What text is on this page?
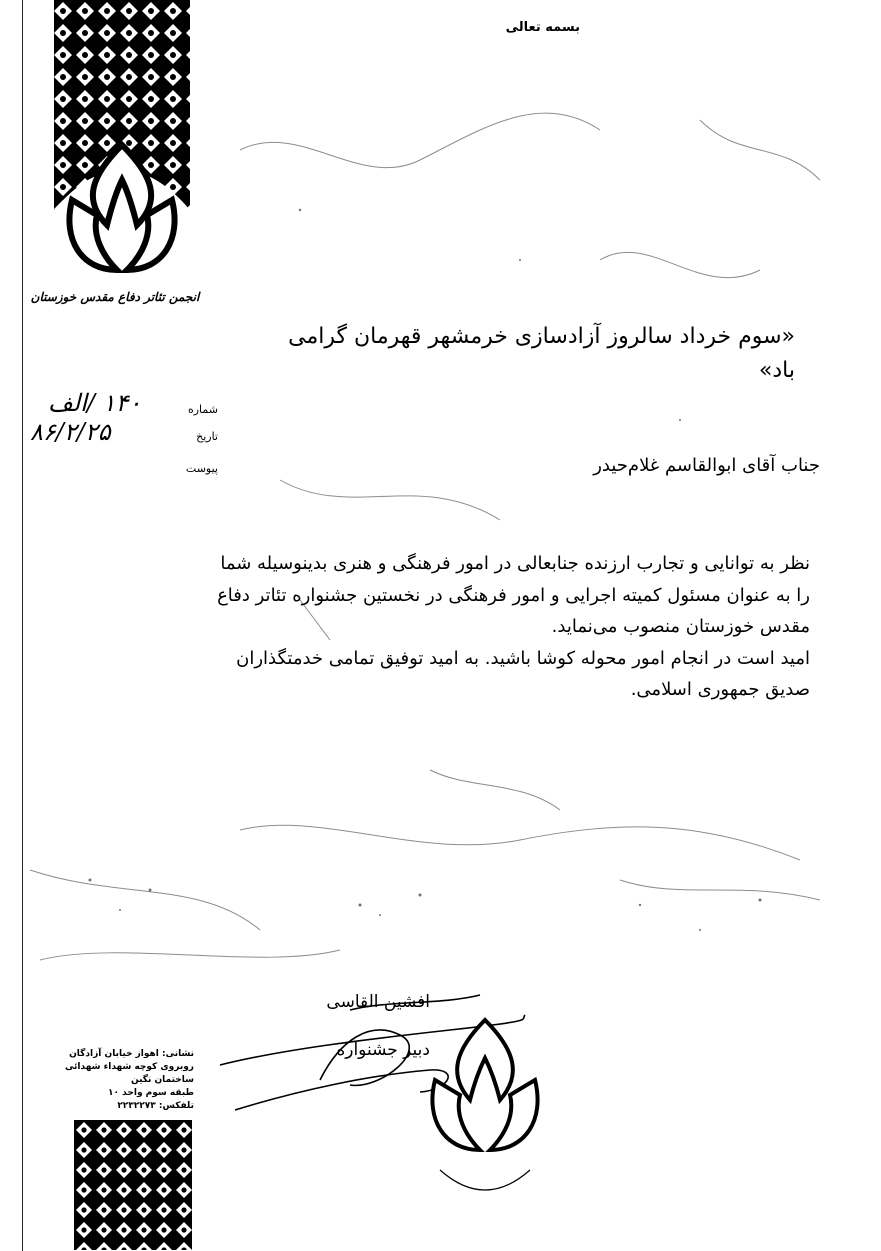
بسمه تعالی
انجمن تئاتر دفاع مقدس خوزستان
«سوم خرداد سالروز آزادسازی خرمشهر قهرمان گرامی باد»
شماره
۱۴۰ /الف
تاریخ
۸۶/۲/۲۵
پیوست	جناب آقای ابوالقاسم غلام‌حیدر

نظر به توانایی و تجارب ارزنده جنابعالی در امور فرهنگی و هنری بدینوسیله شما را به عنوان مسئول کمیته اجرایی و امور فرهنگی در نخستین جشنواره تئاتر دفاع مقدس خوزستان منصوب می‌نماید.

امید است در انجام امور محوله کوشا باشید. به امید توفیق تمامی خدمتگذاران صدیق جمهوری اسلامی.

افشین القاسی
دبیر جشنواره
نشانی: اهواز خیابان آزادگان
روبروی کوچه شهداء شهدائی
ساختمان نگین
طبقه سوم واحد ۱۰
تلفکس: ۲۲۳۲۲۷۳
